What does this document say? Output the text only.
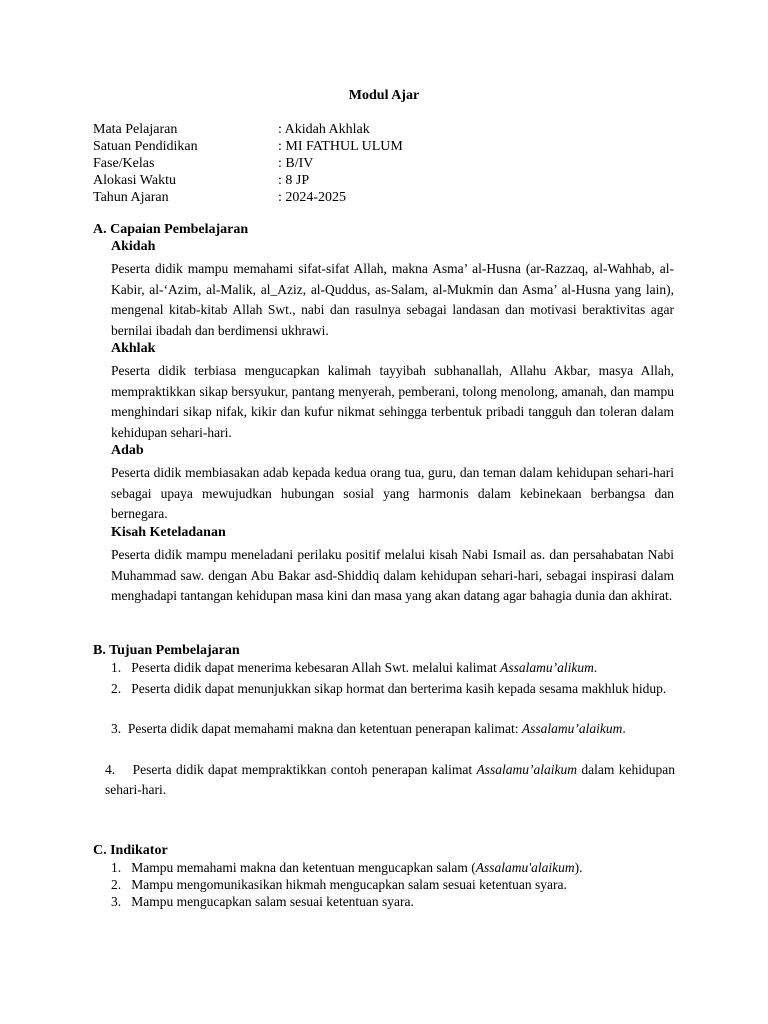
Modul Ajar
Mata Pelajaran	: Akidah Akhlak
Satuan Pendidikan	: MI FATHUL ULUM
Fase/Kelas	: B/IV
Alokasi Waktu	: 8 JP
Tahun Ajaran	: 2024-2025
A. Capaian Pembelajaran
Akidah
Peserta didik mampu memahami sifat-sifat Allah, makna Asma’ al-Husna (ar-Razzaq, al-Wahhab, al-Kabir, al-‘Azim, al-Malik, al_Aziz, al-Quddus, as-Salam, al-Mukmin dan Asma’ al-Husna yang lain), mengenal kitab-kitab Allah Swt., nabi dan rasulnya sebagai landasan dan motivasi beraktivitas agar bernilai ibadah dan berdimensi ukhrawi.
Akhlak
Peserta didik terbiasa mengucapkan kalimah tayyibah subhanallah, Allahu Akbar, masya Allah, mempraktikkan sikap bersyukur, pantang menyerah, pemberani, tolong menolong, amanah, dan mampu menghindari sikap nifak, kikir dan kufur nikmat sehingga terbentuk pribadi tangguh dan toleran dalam kehidupan sehari-hari.
Adab
Peserta didik membiasakan adab kepada kedua orang tua, guru, dan teman dalam kehidupan sehari-hari sebagai upaya mewujudkan hubungan sosial yang harmonis dalam kebinekaan berbangsa dan bernegara.
Kisah Keteladanan
Peserta didik mampu meneladani perilaku positif melalui kisah Nabi Ismail as. dan persahabatan Nabi Muhammad saw. dengan Abu Bakar asd-Shiddiq dalam kehidupan sehari-hari, sebagai inspirasi dalam menghadapi tantangan kehidupan masa kini dan masa yang akan datang agar bahagia dunia dan akhirat.
B. Tujuan Pembelajaran
1. Peserta didik dapat menerima kebesaran Allah Swt. melalui kalimat Assalamu’alikum.
2. Peserta didik dapat menunjukkan sikap hormat dan berterima kasih kepada sesama makhluk hidup.
3. Peserta didik dapat memahami makna dan ketentuan penerapan kalimat: Assalamu’alaikum.
4. Peserta didik dapat mempraktikkan contoh penerapan kalimat Assalamu’alaikum dalam kehidupan sehari-hari.
C. Indikator
1. Mampu memahami makna dan ketentuan mengucapkan salam (Assalamu'alaikum).
2. Mampu mengomunikasikan hikmah mengucapkan salam sesuai ketentuan syara.
3. Mampu mengucapkan salam sesuai ketentuan syara.
